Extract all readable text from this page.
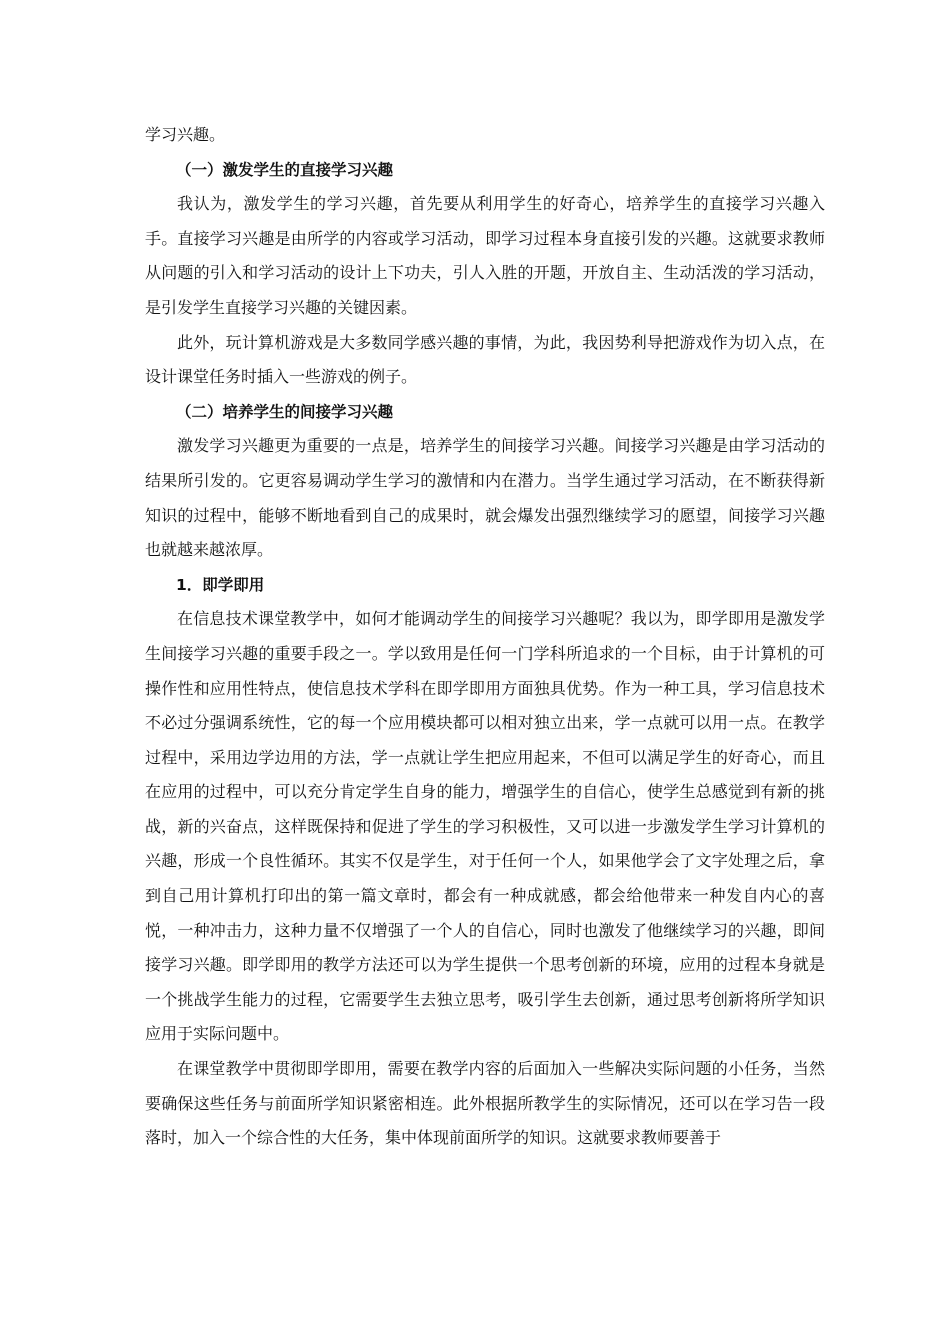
学习兴趣。

（一）激发学生的直接学习兴趣

我认为，激发学生的学习兴趣，首先要从利用学生的好奇心，培养学生的直接学习兴趣入手。直接学习兴趣是由所学的内容或学习活动，即学习过程本身直接引发的兴趣。这就要求教师从问题的引入和学习活动的设计上下功夫，引人入胜的开题，开放自主、生动活泼的学习活动，是引发学生直接学习兴趣的关键因素。

此外，玩计算机游戏是大多数同学感兴趣的事情，为此，我因势利导把游戏作为切入点，在设计课堂任务时插入一些游戏的例子。

（二）培养学生的间接学习兴趣

激发学习兴趣更为重要的一点是，培养学生的间接学习兴趣。间接学习兴趣是由学习活动的结果所引发的。它更容易调动学生学习的激情和内在潜力。当学生通过学习活动，在不断获得新知识的过程中，能够不断地看到自己的成果时，就会爆发出强烈继续学习的愿望，间接学习兴趣也就越来越浓厚。

1．即学即用

在信息技术课堂教学中，如何才能调动学生的间接学习兴趣呢？我以为，即学即用是激发学生间接学习兴趣的重要手段之一。学以致用是任何一门学科所追求的一个目标，由于计算机的可操作性和应用性特点，使信息技术学科在即学即用方面独具优势。作为一种工具，学习信息技术不必过分强调系统性，它的每一个应用模块都可以相对独立出来，学一点就可以用一点。在教学过程中，采用边学边用的方法，学一点就让学生把应用起来，不但可以满足学生的好奇心，而且在应用的过程中，可以充分肯定学生自身的能力，增强学生的自信心，使学生总感觉到有新的挑战，新的兴奋点，这样既保持和促进了学生的学习积极性，又可以进一步激发学生学习计算机的兴趣，形成一个良性循环。其实不仅是学生，对于任何一个人，如果他学会了文字处理之后，拿到自己用计算机打印出的第一篇文章时，都会有一种成就感，都会给他带来一种发自内心的喜悦，一种冲击力，这种力量不仅增强了一个人的自信心，同时也激发了他继续学习的兴趣，即间接学习兴趣。即学即用的教学方法还可以为学生提供一个思考创新的环境，应用的过程本身就是一个挑战学生能力的过程，它需要学生去独立思考，吸引学生去创新，通过思考创新将所学知识应用于实际问题中。

在课堂教学中贯彻即学即用，需要在教学内容的后面加入一些解决实际问题的小任务，当然要确保这些任务与前面所学知识紧密相连。此外根据所教学生的实际情况，还可以在学习告一段落时，加入一个综合性的大任务，集中体现前面所学的知识。这就要求教师要善于
